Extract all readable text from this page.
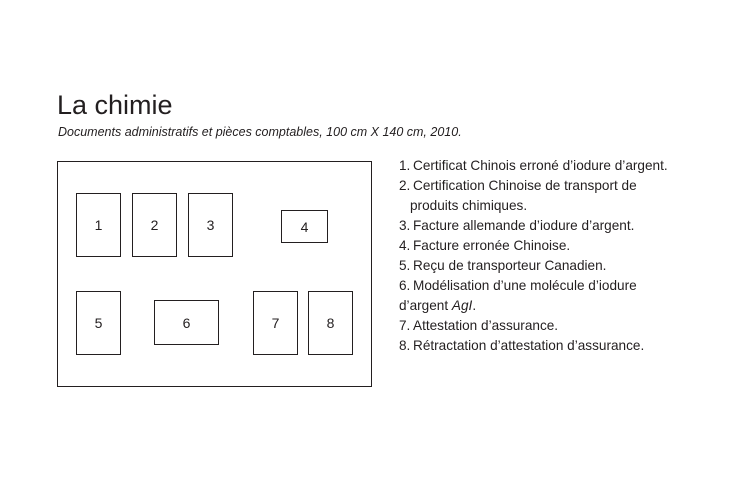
La chimie
Documents administratifs et pièces comptables, 100 cm X 140 cm, 2010.
1	2	3	4
5	6	7	8
1. Certificat Chinois erroné d’iodure d’argent.
2. Certification Chinoise de transport de
produits chimiques.
3. Facture allemande d’iodure d’argent.
4. Facture erronée Chinoise.
5. Reçu de transporteur Canadien.
6. Modélisation d’une molécule d’iodure
d’argent AgI.
7. Attestation d’assurance.
8. Rétractation d’attestation d’assurance.
